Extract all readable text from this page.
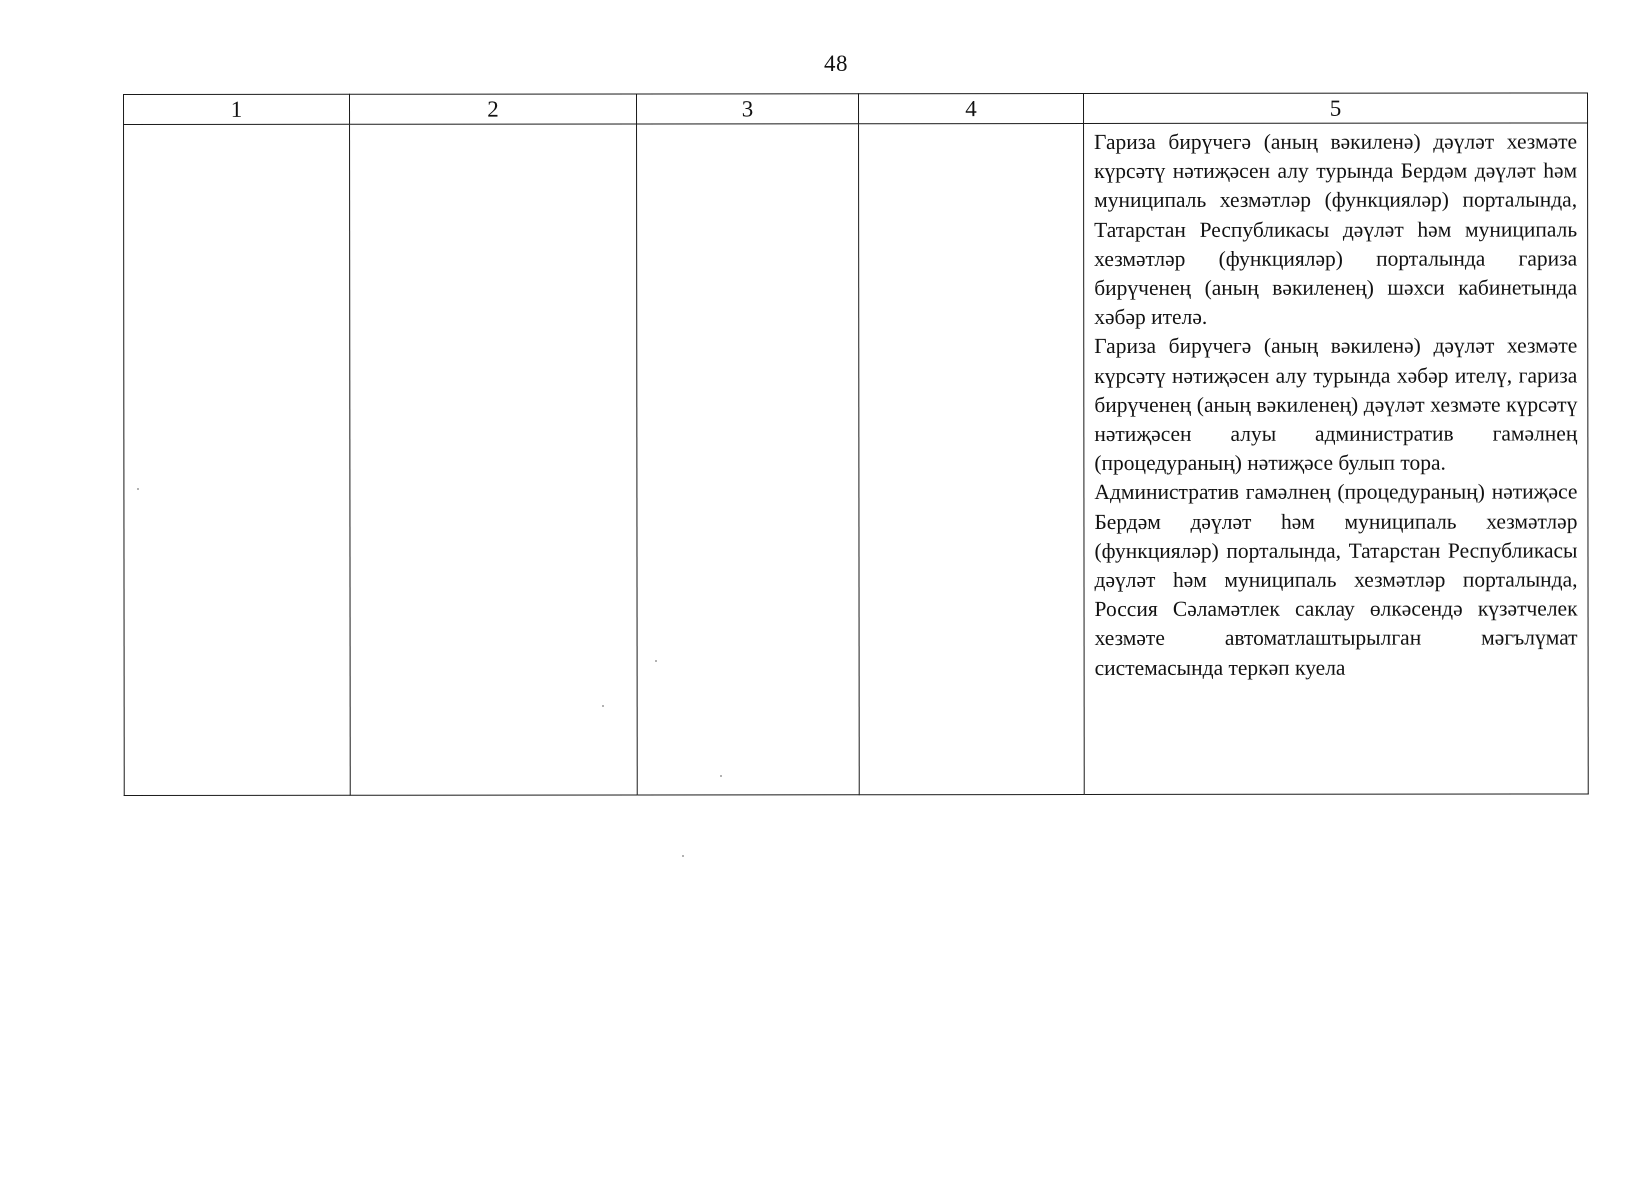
48
1	2	3	4	5

				Гариза бирүчегә (аның вәкиленә) дәүләт хезмәте күрсәтү нәтиҗәсен алу турында Бердәм дәүләт һәм муниципаль хезмәтләр (функцияләр) порталында, Татарстан Республикасы дәүләт һәм муниципаль хезмәтләр (функцияләр) порталында гариза бирүченең (аның вәкиленең) шәхси кабинетында хәбәр ителә.

Гариза бирүчегә (аның вәкиленә) дәүләт хезмәте күрсәтү нәтиҗәсен алу турында хәбәр ителү, гариза бирүченең (аның вәкиленең) дәүләт хезмәте күрсәтү нәтиҗәсен алуы административ гамәлнең (процедураның) нәтиҗәсе булып тора.

Административ гамәлнең (процедураның) нәтиҗәсе Бердәм дәүләт һәм муниципаль хезмәтләр (функцияләр) порталында, Татарстан Республикасы дәүләт һәм муниципаль хезмәтләр порталында, Россия Сәламәтлек саклау өлкәсендә күзәтчелек хезмәте автоматлаштырылган мәгълүмат системасында теркәп куела
